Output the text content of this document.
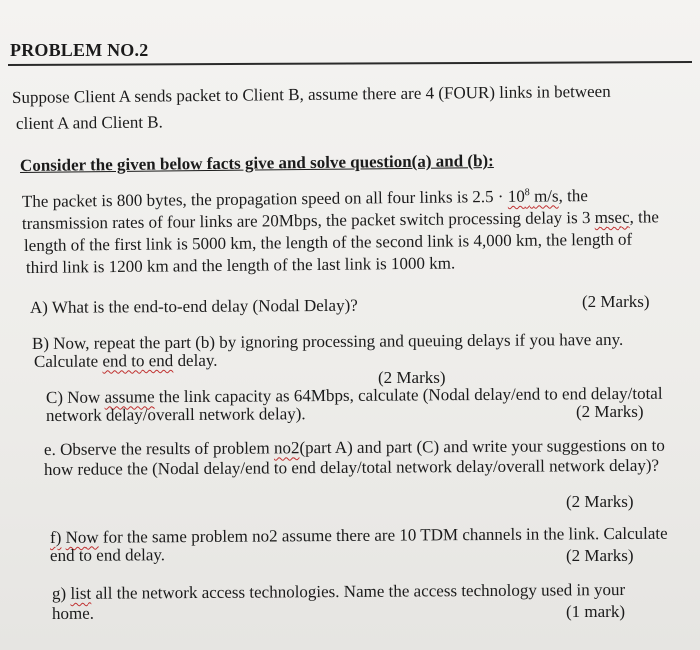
PROBLEM NO.2
Suppose Client A sends packet to Client B, assume there are 4 (FOUR) links in between
client A and Client B.
Consider the given below facts give and solve question(a) and (b):
The packet is 800 bytes, the propagation speed on all four links is $2.5 \cdot 10^8$ m/s, the
transmission rates of four links are 20Mbps, the packet switch processing delay is 3 msec, the
length of the first link is 5000 km, the length of the second link is 4,000 km, the length of
third link is 1200 km and the length of the last link is 1000 km.
A) What is the end-to-end delay (Nodal Delay)?	(2 Marks)
B) Now, repeat the part (b) by ignoring processing and queuing delays if you have any.
Calculate end to end delay.
(2 Marks)
C) Now assume the link capacity as 64Mbps, calculate (Nodal delay/end to end delay/total
network delay/overall network delay).	(2 Marks)
e. Observe the results of problem no2(part A) and part (C) and write your suggestions on to
how reduce the (Nodal delay/end to end delay/total network delay/overall network delay)?
(2 Marks)
f) Now for the same problem no2 assume there are 10 TDM channels in the link. Calculate
end to end delay.	(2 Marks)
g) list all the network access technologies. Name the access technology used in your
home.	(1 mark)
